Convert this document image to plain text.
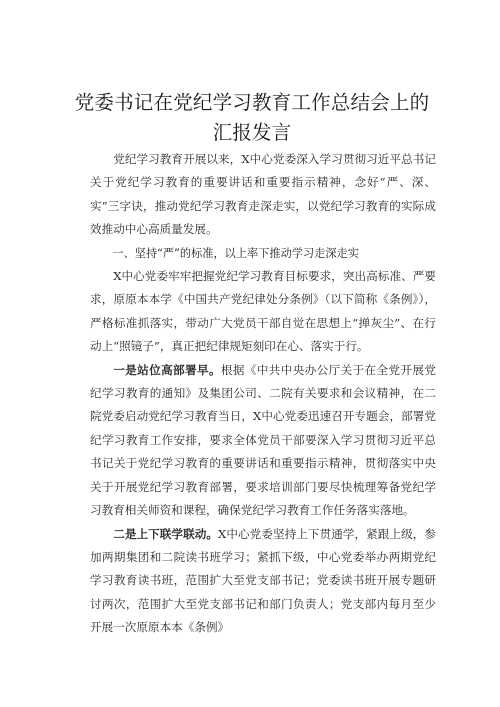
党委书记在党纪学习教育工作总结会上的汇报发言

党纪学习教育开展以来，X中心党委深入学习贯彻习近平总书记关于党纪学习教育的重要讲话和重要指示精神，念好“严、深、实”三字诀，推动党纪学习教育走深走实，以党纪学习教育的实际成效推动中心高质量发展。

一、坚持“严”的标准，以上率下推动学习走深走实

X中心党委牢牢把握党纪学习教育目标要求，突出高标准、严要求，原原本本学《中国共产党纪律处分条例》（以下简称《条例》），严格标准抓落实，带动广大党员干部自觉在思想上“掸灰尘”、在行动上“照镜子”，真正把纪律规矩刻印在心、落实于行。

一是站位高部署早。根据《中共中央办公厅关于在全党开展党纪学习教育的通知》及集团公司、二院有关要求和会议精神，在二院党委启动党纪学习教育当日，X中心党委迅速召开专题会，部署党纪学习教育工作安排，要求全体党员干部要深入学习贯彻习近平总书记关于党纪学习教育的重要讲话和重要指示精神，贯彻落实中央关于开展党纪学习教育部署，要求培训部门要尽快梳理筹备党纪学习教育相关师资和课程，确保党纪学习教育工作任务落实落地。

二是上下联学联动。X中心党委坚持上下贯通学，紧跟上级，参加两期集团和二院读书班学习；紧抓下级，中心党委举办两期党纪学习教育读书班，范围扩大至党支部书记；党委读书班开展专题研讨两次，范围扩大至党支部书记和部门负责人；党支部内每月至少开展一次原原本本《条例》
